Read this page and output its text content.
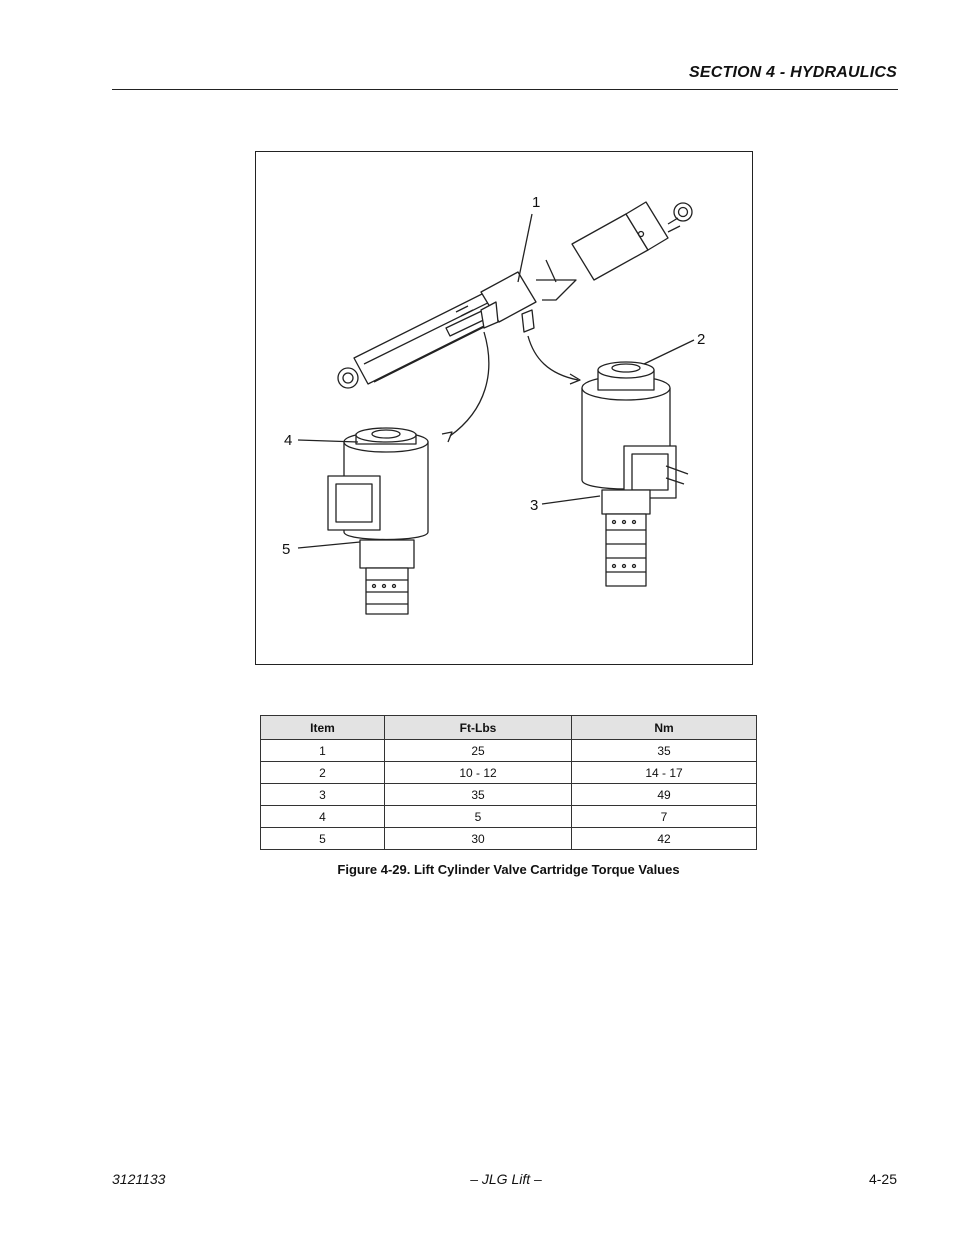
SECTION 4 - HYDRAULICS
1
2
3
4
5
Item	Ft-Lbs	Nm
1	25	35
2	10 - 12	14 - 17
3	35	49
4	5	7
5	30	42
Figure 4-29. Lift Cylinder Valve Cartridge Torque Values
3121133	– JLG Lift –	4-25
